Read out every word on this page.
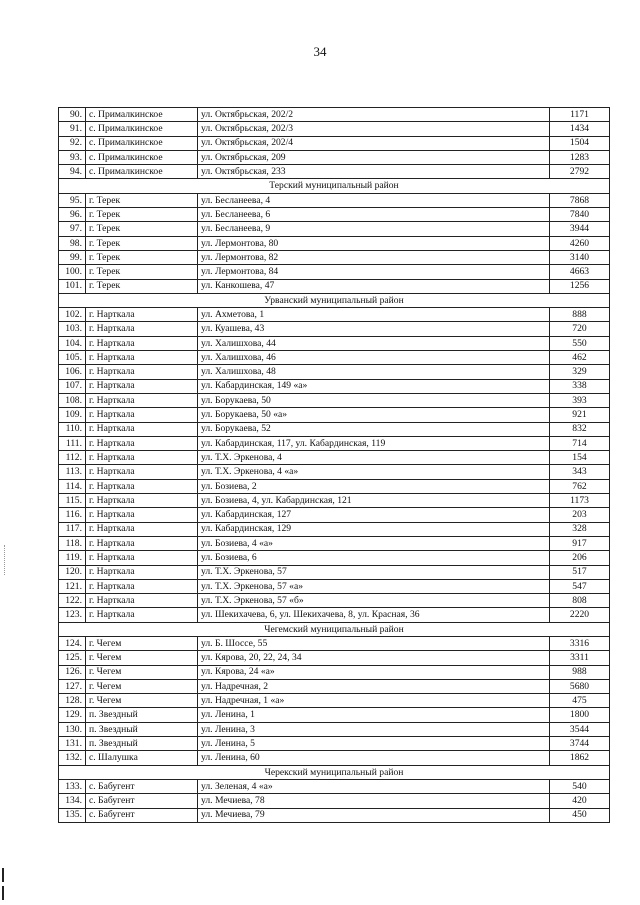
34
90.	с. Прималкинское	ул. Октябрьская, 202/2	1171
91.	с. Прималкинское	ул. Октябрьская, 202/3	1434
92.	с. Прималкинское	ул. Октябрьская, 202/4	1504
93.	с. Прималкинское	ул. Октябрьская, 209	1283
94.	с. Прималкинское	ул. Октябрьская, 233	2792
Терский муниципальный район			
95.	г. Терек	ул. Бесланеева, 4	7868
96.	г. Терек	ул. Бесланеева, 6	7840
97.	г. Терек	ул. Бесланеева, 9	3944
98.	г. Терек	ул. Лермонтова, 80	4260
99.	г. Терек	ул. Лермонтова, 82	3140
100.	г. Терек	ул. Лермонтова, 84	4663
101.	г. Терек	ул. Канкошева, 47	1256
Урванский муниципальный район			
102.	г. Нарткала	ул. Ахметова, 1	888
103.	г. Нарткала	ул. Куашева, 43	720
104.	г. Нарткала	ул. Халишхова, 44	550
105.	г. Нарткала	ул. Халишхова, 46	462
106.	г. Нарткала	ул. Халишхова, 48	329
107.	г. Нарткала	ул. Кабардинская, 149 «а»	338
108.	г. Нарткала	ул. Борукаева, 50	393
109.	г. Нарткала	ул. Борукаева, 50 «а»	921
110.	г. Нарткала	ул. Борукаева, 52	832
111.	г. Нарткала	ул. Кабардинская, 117, ул. Кабардинская, 119	714
112.	г. Нарткала	ул. Т.Х. Эркенова, 4	154
113.	г. Нарткала	ул. Т.Х. Эркенова, 4 «а»	343
114.	г. Нарткала	ул. Бозиева, 2	762
115.	г. Нарткала	ул. Бозиева, 4, ул. Кабардинская, 121	1173
116.	г. Нарткала	ул. Кабардинская, 127	203
117.	г. Нарткала	ул. Кабардинская, 129	328
118.	г. Нарткала	ул. Бозиева, 4 «а»	917
119.	г. Нарткала	ул. Бозиева, 6	206
120.	г. Нарткала	ул. Т.Х. Эркенова, 57	517
121.	г. Нарткала	ул. Т.Х. Эркенова, 57 «а»	547
122.	г. Нарткала	ул. Т.Х. Эркенова, 57 «б»	808
123.	г. Нарткала	ул. Шекихачева, 6, ул. Шекихачева, 8, ул. Красная, 36	2220
Чегемский муниципальный район			
124.	г. Чегем	ул. Б. Шоссе, 55	3316
125.	г. Чегем	ул. Кярова, 20, 22, 24, 34	3311
126.	г. Чегем	ул. Кярова, 24 «а»	988
127.	г. Чегем	ул. Надречная, 2	5680
128.	г. Чегем	ул. Надречная, 1 «а»	475
129.	п. Звездный	ул. Ленина, 1	1800
130.	п. Звездный	ул. Ленина, 3	3544
131.	п. Звездный	ул. Ленина, 5	3744
132.	с. Шалушка	ул. Ленина, 60	1862
Черекский муниципальный район			
133.	с. Бабугент	ул. Зеленая, 4 «а»	540
134.	с. Бабугент	ул. Мечиева, 78	420
135.	с. Бабугент	ул. Мечиева, 79	450
